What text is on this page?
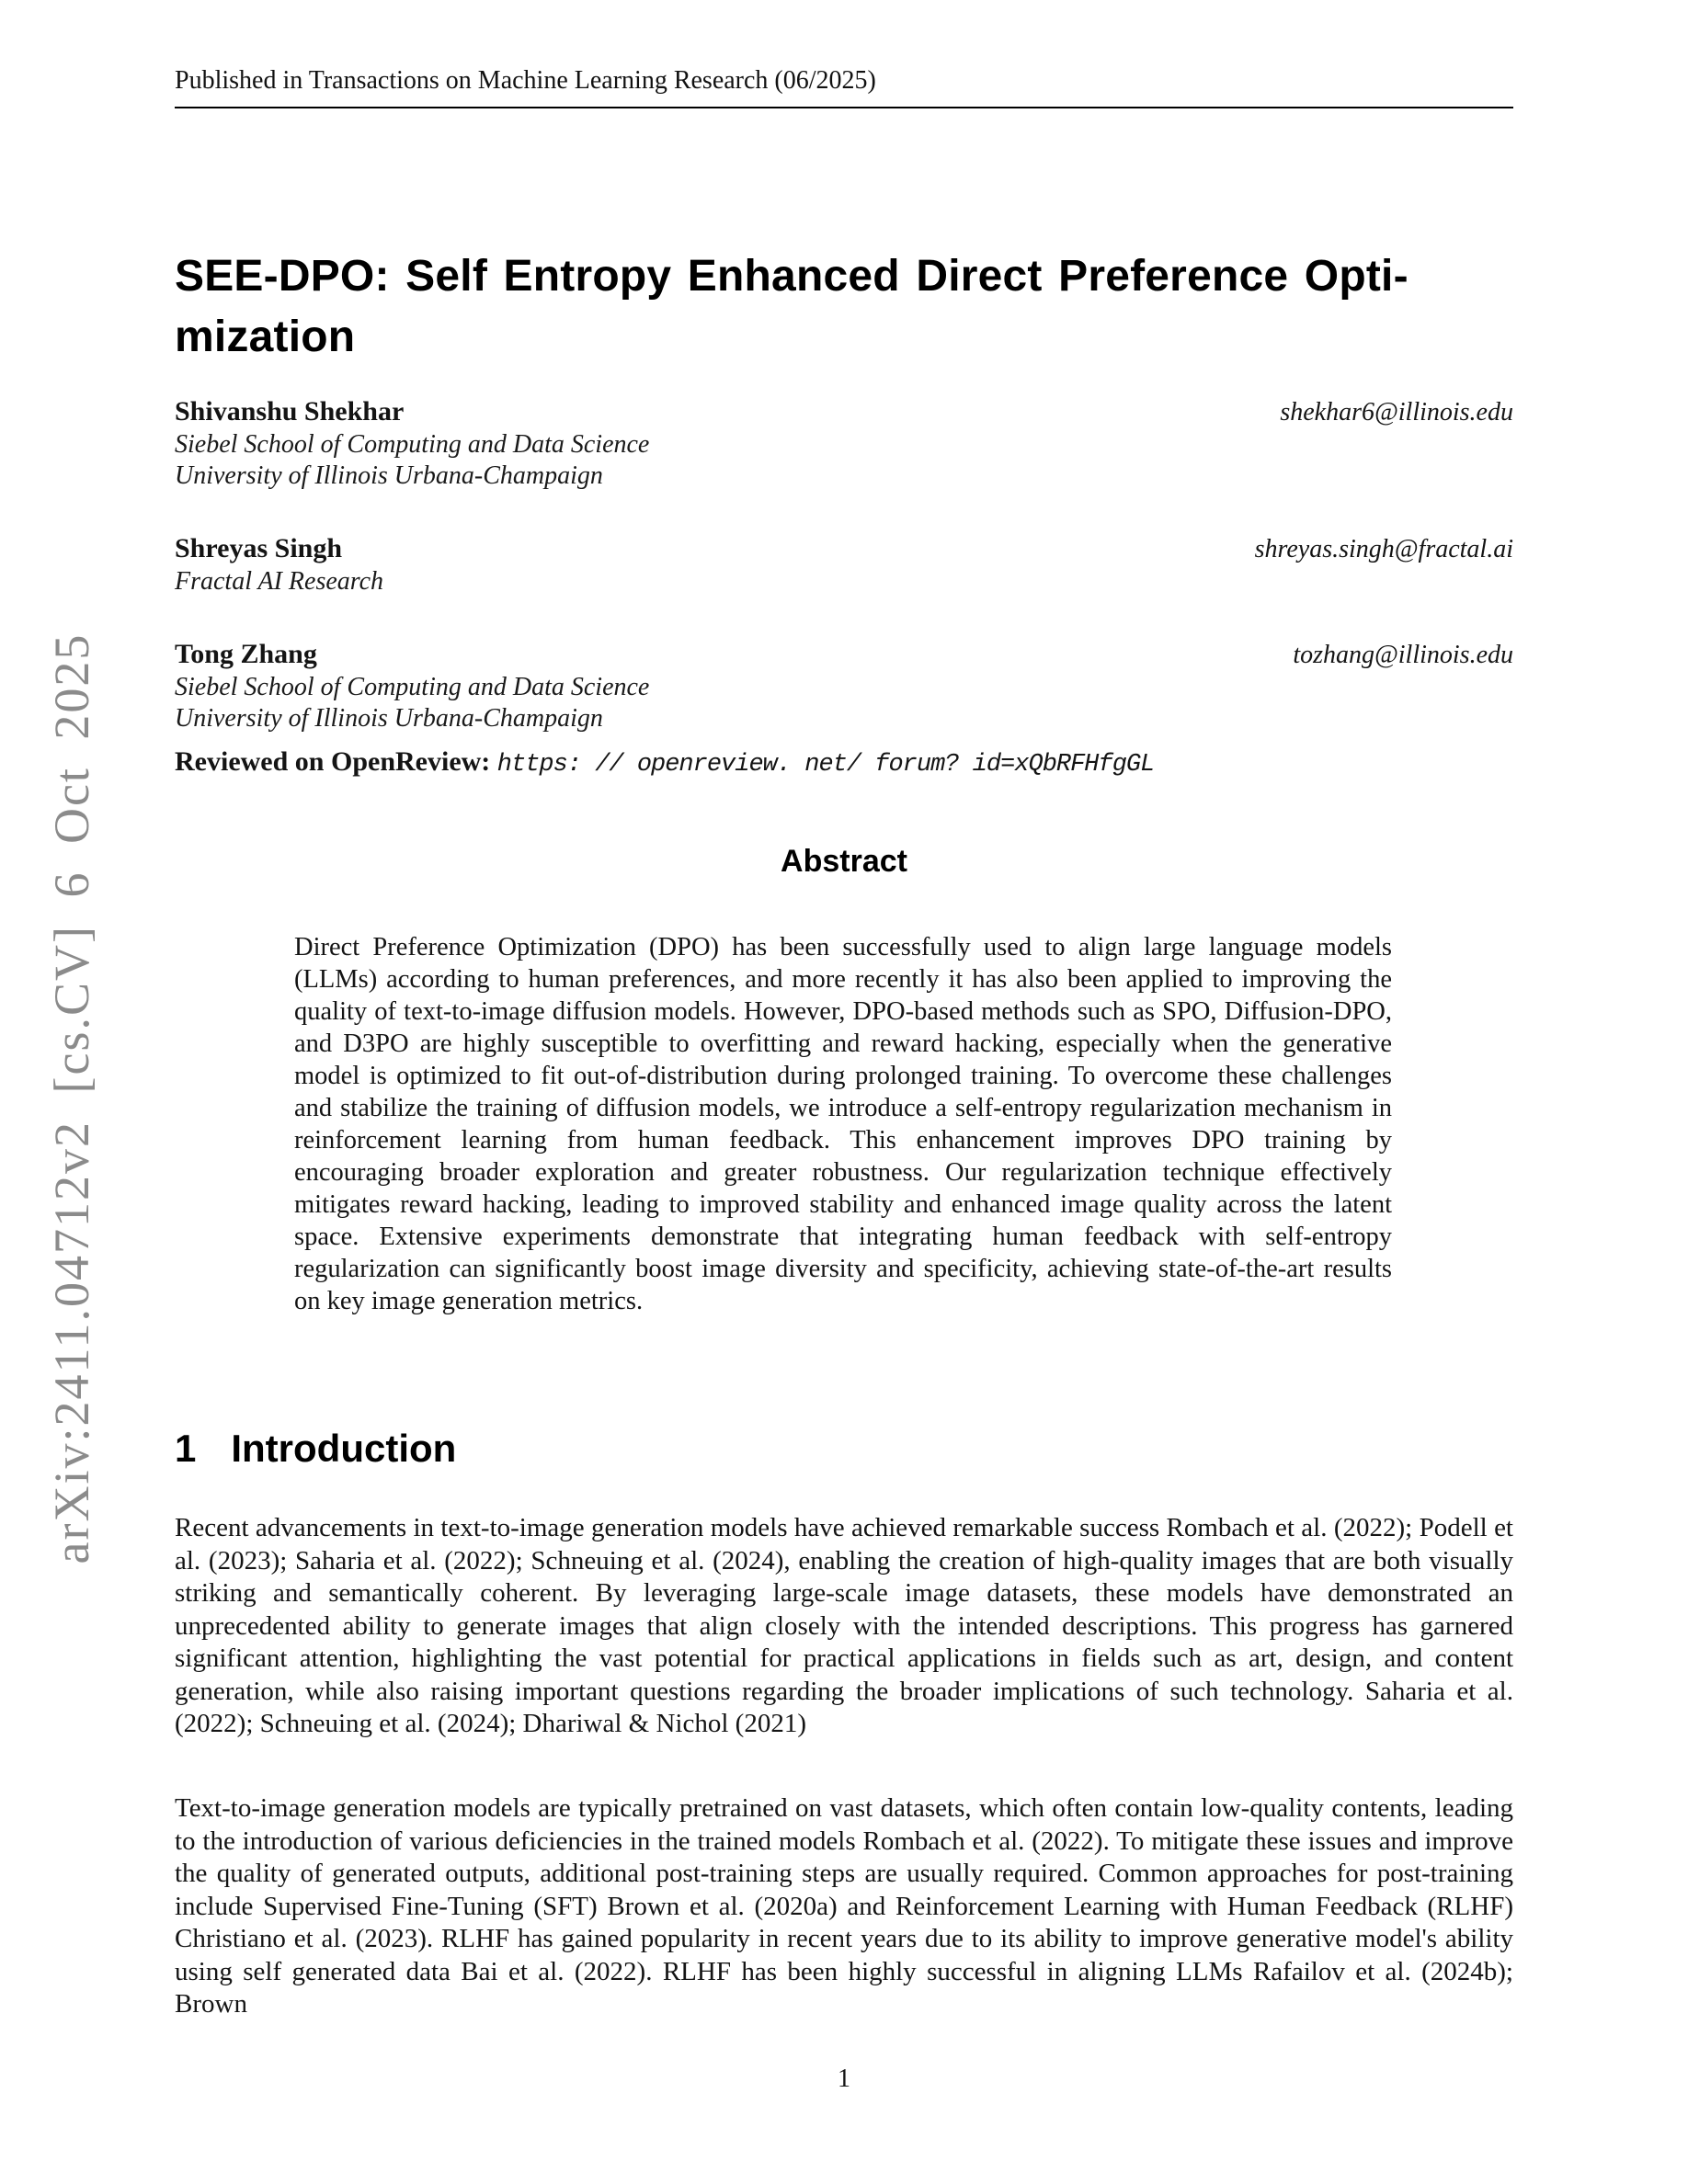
arXiv:2411.04712v2 [cs.CV] 6 Oct 2025
Published in Transactions on Machine Learning Research (06/2025)
SEE-DPO: Self Entropy Enhanced Direct Preference Opti-
mization
Shivanshu Shekhar	shekhar6@illinois.edu
Siebel School of Computing and Data Science
University of Illinois Urbana-Champaign
Shreyas Singh	shreyas.singh@fractal.ai
Fractal AI Research
Tong Zhang	tozhang@illinois.edu
Siebel School of Computing and Data Science
University of Illinois Urbana-Champaign
Reviewed on OpenReview: https: // openreview. net/ forum? id=xQbRFHfgGL
Abstract
Direct Preference Optimization (DPO) has been successfully used to align large language models (LLMs) according to human preferences, and more recently it has also been applied to improving the quality of text-to-image diffusion models. However, DPO-based methods such as SPO, Diffusion-DPO, and D3PO are highly susceptible to overfitting and reward hacking, especially when the generative model is optimized to fit out-of-distribution during prolonged training. To overcome these challenges and stabilize the training of diffusion models, we introduce a self-entropy regularization mechanism in reinforcement learning from human feedback. This enhancement improves DPO training by encouraging broader exploration and greater robustness. Our regularization technique effectively mitigates reward hacking, leading to improved stability and enhanced image quality across the latent space. Extensive experiments demonstrate that integrating human feedback with self-entropy regularization can significantly boost image diversity and specificity, achieving state-of-the-art results on key image generation metrics.
1 Introduction

Recent advancements in text-to-image generation models have achieved remarkable success Rombach et al. (2022); Podell et al. (2023); Saharia et al. (2022); Schneuing et al. (2024), enabling the creation of high-quality images that are both visually striking and semantically coherent. By leveraging large-scale image datasets, these models have demonstrated an unprecedented ability to generate images that align closely with the intended descriptions. This progress has garnered significant attention, highlighting the vast potential for practical applications in fields such as art, design, and content generation, while also raising important questions regarding the broader implications of such technology. Saharia et al. (2022); Schneuing et al. (2024); Dhariwal & Nichol (2021)

Text-to-image generation models are typically pretrained on vast datasets, which often contain low-quality contents, leading to the introduction of various deficiencies in the trained models Rombach et al. (2022). To mitigate these issues and improve the quality of generated outputs, additional post-training steps are usually required. Common approaches for post-training include Supervised Fine-Tuning (SFT) Brown et al. (2020a) and Reinforcement Learning with Human Feedback (RLHF) Christiano et al. (2023). RLHF has gained popularity in recent years due to its ability to improve generative model's ability using self generated data Bai et al. (2022). RLHF has been highly successful in aligning LLMs Rafailov et al. (2024b); Brown

1
